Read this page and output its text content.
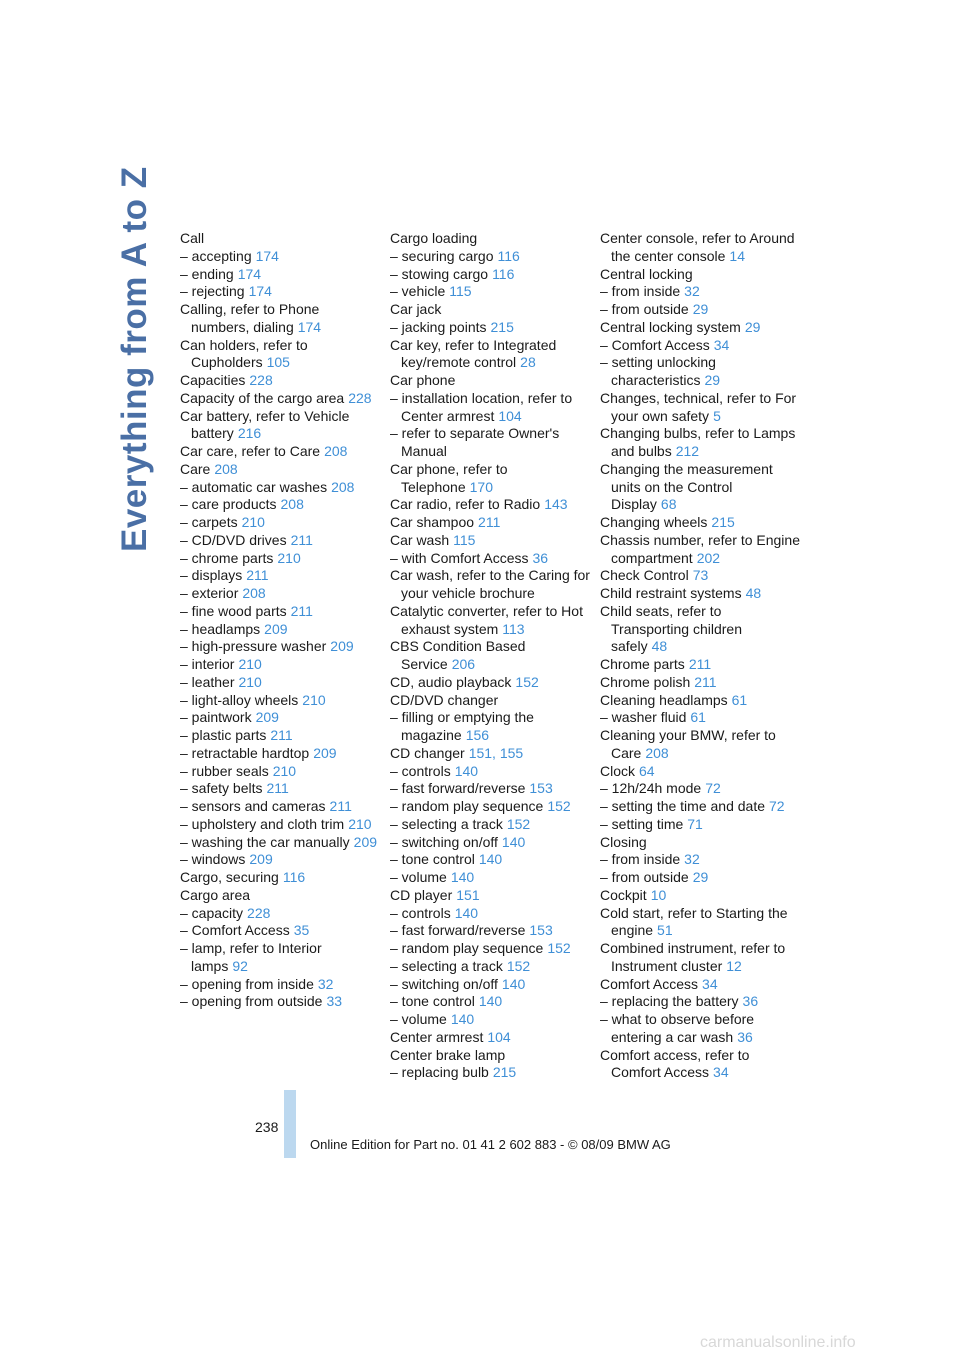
Everything from A to Z Call
– accepting 174
– ending 174
– rejecting 174
Calling, refer to Phone numbers, dialing 174
Can holders, refer to Cupholders 105
Capacities 228
Capacity of the cargo area 228
Car battery, refer to Vehicle battery 216
Car care, refer to Care 208
Care 208
– automatic car washes 208
– care products 208
– carpets 210
– CD/DVD drives 211
– chrome parts 210
– displays 211
– exterior 208
– fine wood parts 211
– headlamps 209
– high-pressure washer 209
– interior 210
– leather 210
– light-alloy wheels 210
– paintwork 209
– plastic parts 211
– retractable hardtop 209
– rubber seals 210
– safety belts 211
– sensors and cameras 211
– upholstery and cloth trim 210
– washing the car manually 209
– windows 209
Cargo, securing 116
Cargo area
– capacity 228
– Comfort Access 35
– lamp, refer to Interior lamps 92
– opening from inside 32
– opening from outside 33
Cargo loading
– securing cargo 116
– stowing cargo 116
– vehicle 115
Car jack
– jacking points 215
Car key, refer to Integrated key/remote control 28
Car phone
– installation location, refer to Center armrest 104
– refer to separate Owner's Manual
Car phone, refer to Telephone 170
Car radio, refer to Radio 143
Car shampoo 211
Car wash 115
– with Comfort Access 36
Car wash, refer to the Caring for your vehicle brochure
Catalytic converter, refer to Hot exhaust system 113
CBS Condition Based Service 206
CD, audio playback 152
CD/DVD changer
– filling or emptying the magazine 156
CD changer 151, 155
– controls 140
– fast forward/reverse 153
– random play sequence 152
– selecting a track 152
– switching on/off 140
– tone control 140
– volume 140
CD player 151
– controls 140
– fast forward/reverse 153
– random play sequence 152
– selecting a track 152
– switching on/off 140
– tone control 140
– volume 140
Center armrest 104
Center brake lamp
– replacing bulb 215
Center console, refer to Around the center console 14
Central locking
– from inside 32
– from outside 29
Central locking system 29
– Comfort Access 34
– setting unlocking characteristics 29
Changes, technical, refer to For your own safety 5
Changing bulbs, refer to Lamps and bulbs 212
Changing the measurement units on the Control Display 68
Changing wheels 215
Chassis number, refer to Engine compartment 202
Check Control 73
Child restraint systems 48
Child seats, refer to Transporting children safely 48
Chrome parts 211
Chrome polish 211
Cleaning headlamps 61
– washer fluid 61
Cleaning your BMW, refer to Care 208
Clock 64
– 12h/24h mode 72
– setting the time and date 72
– setting time 71
Closing
– from inside 32
– from outside 29
Cockpit 10
Cold start, refer to Starting the engine 51
Combined instrument, refer to Instrument cluster 12
Comfort Access 34
– replacing the battery 36
– what to observe before entering a car wash 36
Comfort access, refer to Comfort Access 34
238
Online Edition for Part no. 01 41 2 602 883 - © 08/09 BMW AG
carmanualsonline.info
